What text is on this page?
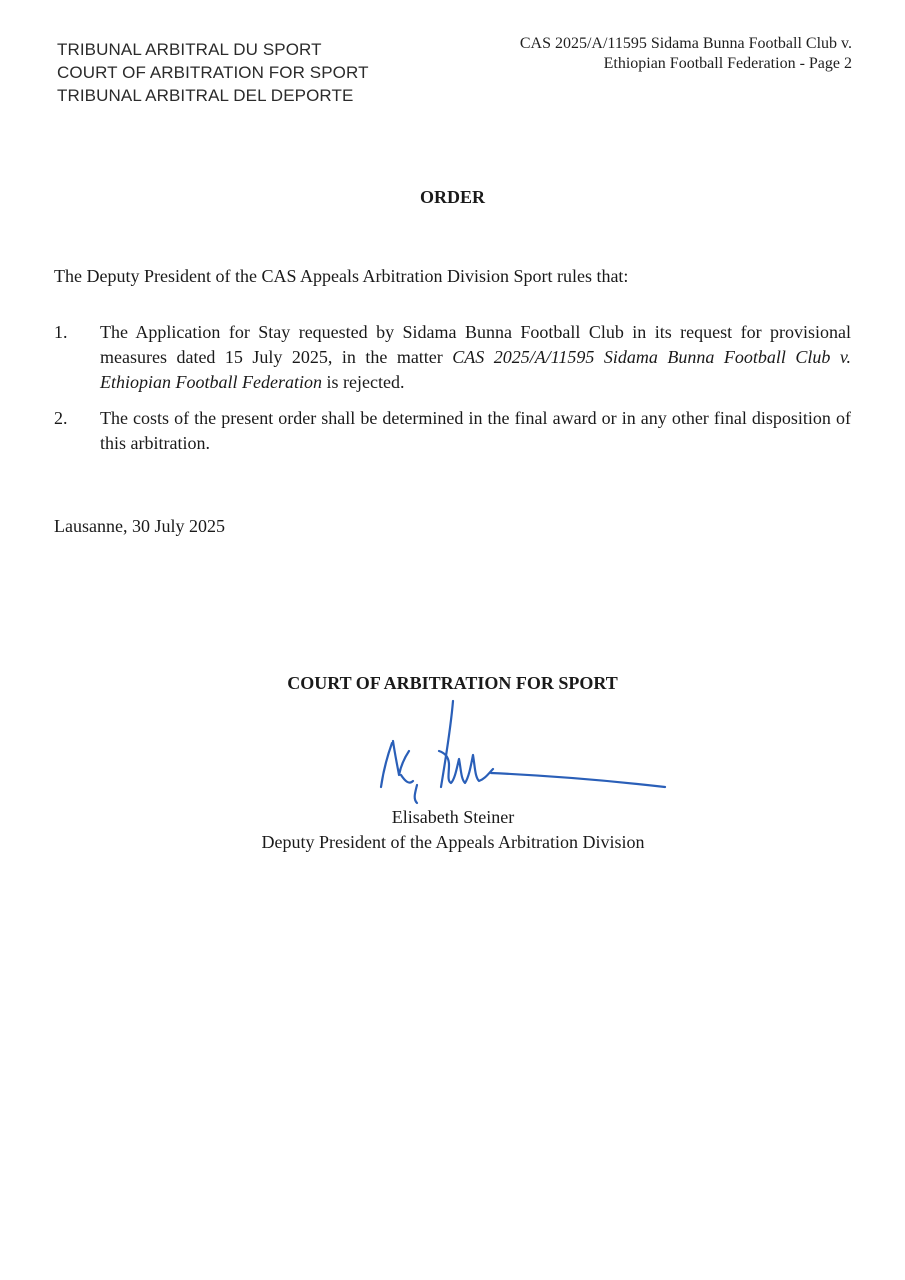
TRIBUNAL ARBITRAL DU SPORT
COURT OF ARBITRATION FOR SPORT
TRIBUNAL ARBITRAL DEL DEPORTE
CAS 2025/A/11595 Sidama Bunna Football Club v.
Ethiopian Football Federation - Page 2
ORDER
The Deputy President of the CAS Appeals Arbitration Division Sport rules that:
1. The Application for Stay requested by Sidama Bunna Football Club in its request for provisional measures dated 15 July 2025, in the matter CAS 2025/A/11595 Sidama Bunna Football Club v. Ethiopian Football Federation is rejected.
2. The costs of the present order shall be determined in the final award or in any other final disposition of this arbitration.
Lausanne, 30 July 2025
COURT OF ARBITRATION FOR SPORT
Elisabeth Steiner
Deputy President of the Appeals Arbitration Division
